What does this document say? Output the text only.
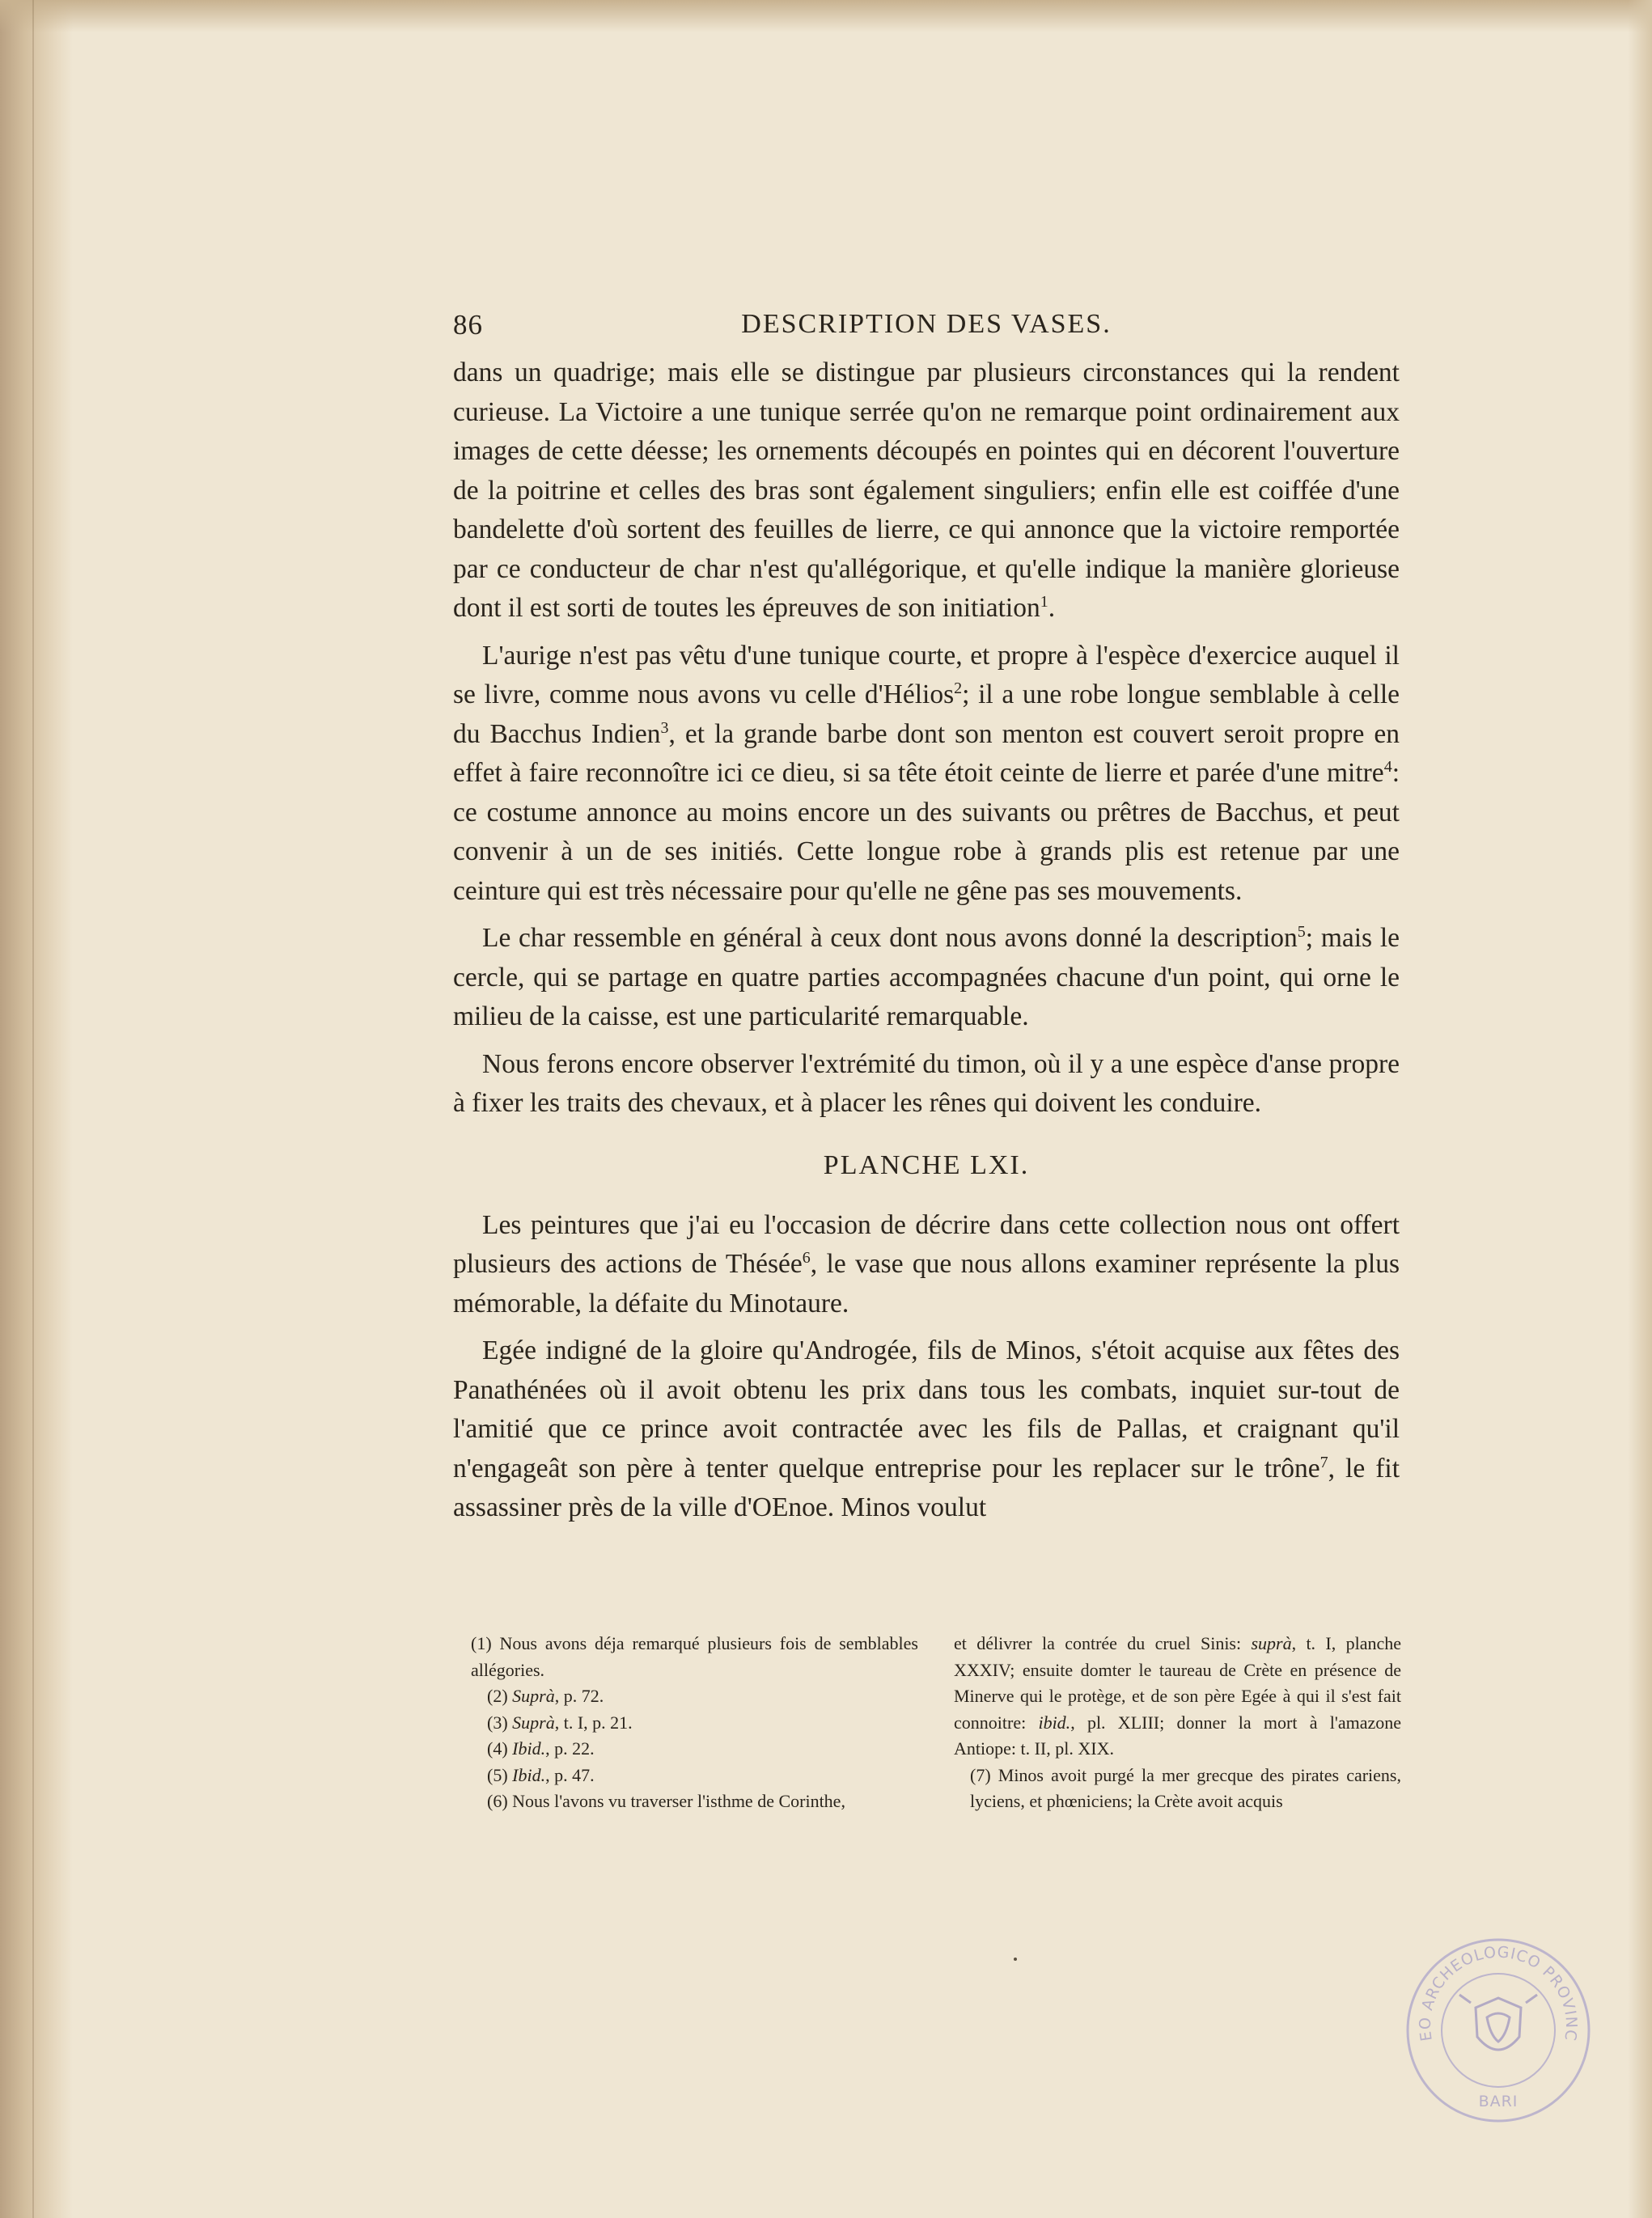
86	DESCRIPTION DES VASES.

dans un quadrige; mais elle se distingue par plusieurs circonstances qui la rendent curieuse. La Victoire a une tunique serrée qu'on ne remarque point ordinairement aux images de cette déesse; les ornements découpés en pointes qui en décorent l'ouverture de la poitrine et celles des bras sont également singuliers; enfin elle est coiffée d'une bandelette d'où sortent des feuilles de lierre, ce qui annonce que la victoire remportée par ce conducteur de char n'est qu'allégorique, et qu'elle indique la manière glorieuse dont il est sorti de toutes les épreuves de son initiation$^1$.

L'aurige n'est pas vêtu d'une tunique courte, et propre à l'espèce d'exercice auquel il se livre, comme nous avons vu celle d'Hélios$^2$; il a une robe longue semblable à celle du Bacchus Indien$^3$, et la grande barbe dont son menton est couvert seroit propre en effet à faire reconnoître ici ce dieu, si sa tête étoit ceinte de lierre et parée d'une mitre$^4$: ce costume annonce au moins encore un des suivants ou prêtres de Bacchus, et peut convenir à un de ses initiés. Cette longue robe à grands plis est retenue par une ceinture qui est très nécessaire pour qu'elle ne gêne pas ses mouvements.

Le char ressemble en général à ceux dont nous avons donné la description$^5$; mais le cercle, qui se partage en quatre parties accompagnées chacune d'un point, qui orne le milieu de la caisse, est une particularité remarquable.

Nous ferons encore observer l'extrémité du timon, où il y a une espèce d'anse propre à fixer les traits des chevaux, et à placer les rênes qui doivent les conduire.

PLANCHE LXI.

Les peintures que j'ai eu l'occasion de décrire dans cette collection nous ont offert plusieurs des actions de Thésée$^6$, le vase que nous allons examiner représente la plus mémorable, la défaite du Minotaure.

Egée indigné de la gloire qu'Androgée, fils de Minos, s'étoit acquise aux fêtes des Panathénées où il avoit obtenu les prix dans tous les combats, inquiet sur-tout de l'amitié que ce prince avoit contractée avec les fils de Pallas, et craignant qu'il n'engageât son père à tenter quelque entreprise pour les replacer sur le trône$^7$, le fit assassiner près de la ville d'OEnoe. Minos voulut

(1) Nous avons déja remarqué plusieurs fois de semblables allégories.

(2) Suprà, p. 72.

(3) Suprà, t. I, p. 21.

(4) Ibid., p. 22.

(5) Ibid., p. 47.

(6) Nous l'avons vu traverser l'isthme de Corinthe,

et délivrer la contrée du cruel Sinis: suprà, t. I, planche XXXIV; ensuite domter le taureau de Crète en présence de Minerve qui le protège, et de son père Egée à qui il s'est fait connoitre: ibid., pl. XLIII; donner la mort à l'amazone Antiope: t. II, pl. XIX.

(7) Minos avoit purgé la mer grecque des pirates cariens, lyciens, et phœniciens; la Crète avoit acquis

EO ARCHEOLOGICO PROVINC
BARI
